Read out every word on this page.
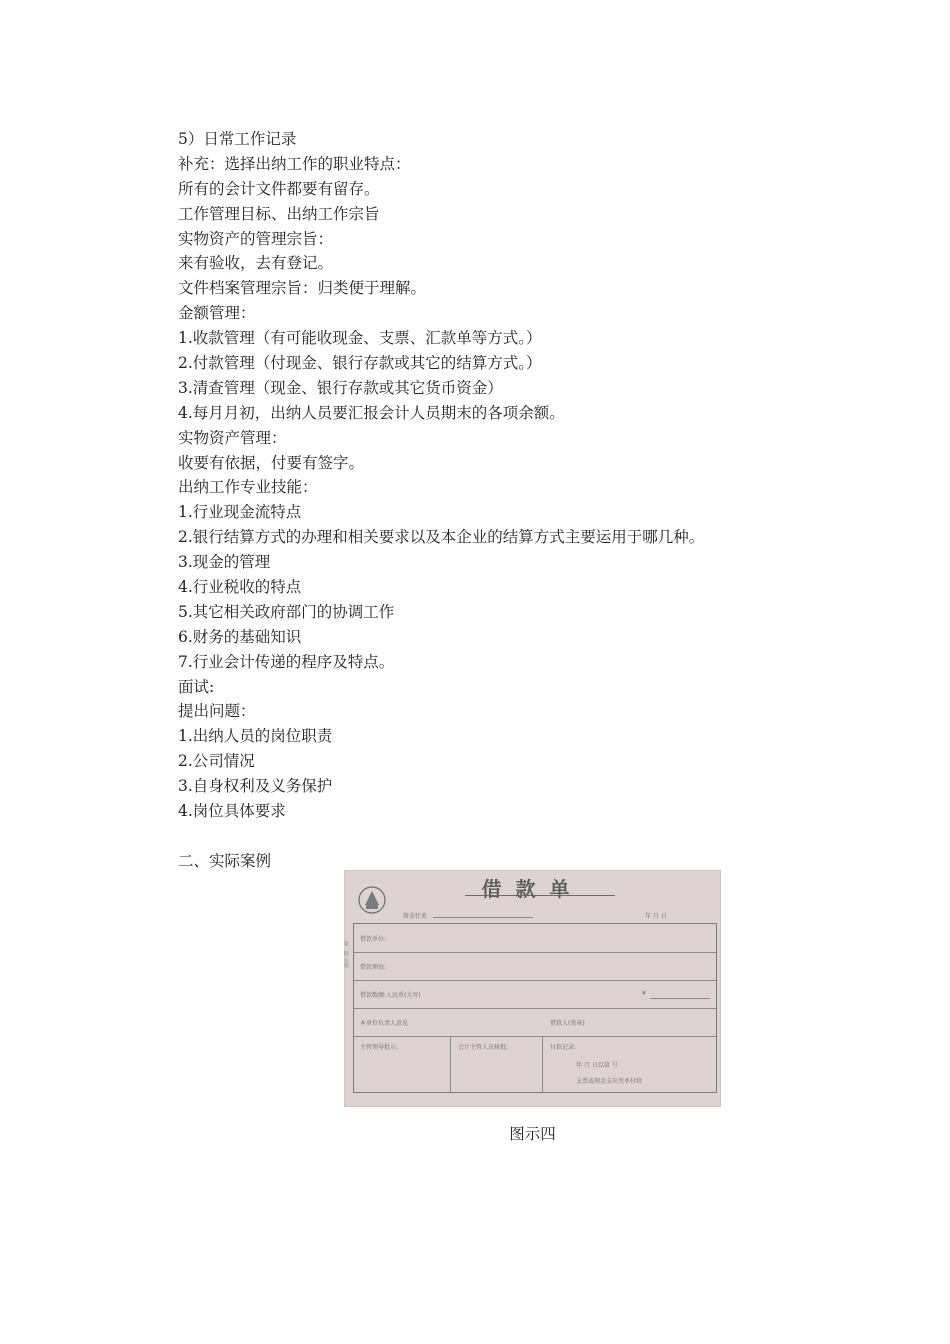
5）日常工作记录
补充：选择出纳工作的职业特点：
所有的会计文件都要有留存。
工作管理目标、出纳工作宗旨
实物资产的管理宗旨：
来有验收，去有登记。
文件档案管理宗旨：归类便于理解。
金额管理：
1.收款管理（有可能收现金、支票、汇款单等方式。）
2.付款管理（付现金、银行存款或其它的结算方式。）
3.清查管理（现金、银行存款或其它货币资金）
4.每月月初，出纳人员要汇报会计人员期末的各项余额。
实物资产管理：
收要有依据，付要有签字。
出纳工作专业技能：
1.行业现金流特点
2.银行结算方式的办理和相关要求以及本企业的结算方式主要运用于哪几种。
3.现金的管理
4.行业税收的特点
5.其它相关政府部门的协调工作
6.财务的基础知识
7.行业会计传递的程序及特点。
面试:
提出问题：
1.出纳人员的岗位职责
2.公司情况
3.自身权利及义务保护
4.岗位具体要求
二、实际案例
借款单
资金往来	年 月 日
第一联 存根
借款单位:
借款理由:
借款数额:人民币(大写)	¥
本单位负责人意见	借款人(签章)
主管领导批示:	会计主管人员核批:	付款记录:
年 月 日以第 号
支票或现金支出凭单付给
图示四
